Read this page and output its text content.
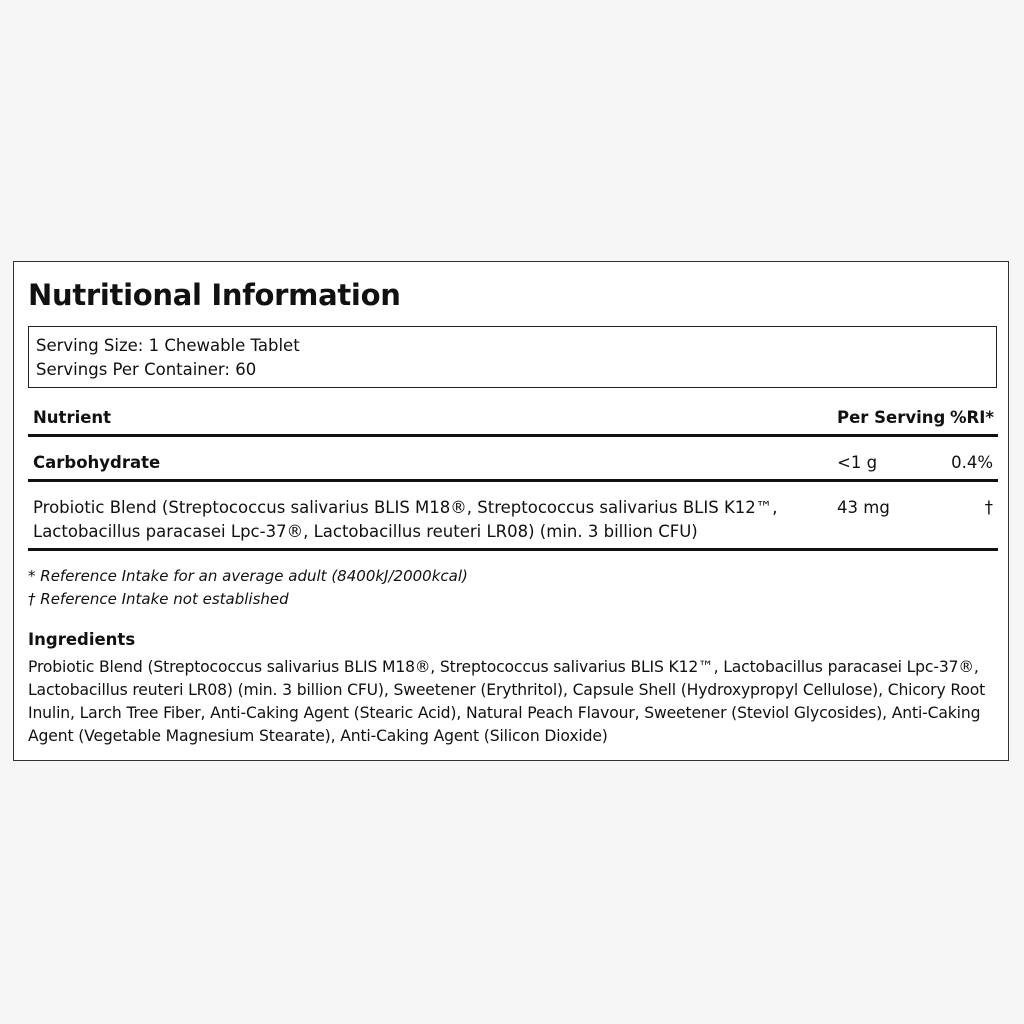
Nutritional Information
Serving Size: 1 Chewable Tablet
Servings Per Container: 60
Nutrient	Per Serving %RI*
Carbohydrate	<1 g	0.4%
Probiotic Blend (Streptococcus salivarius BLIS M18®, Streptococcus salivarius BLIS K12™,
Lactobacillus paracasei Lpc-37®, Lactobacillus reuteri LR08) (min. 3 billion CFU)
43 mg	†
* Reference Intake for an average adult (8400kJ/2000kcal)
† Reference Intake not established
Ingredients
Probiotic Blend (Streptococcus salivarius BLIS M18®, Streptococcus salivarius BLIS K12™, Lactobacillus paracasei Lpc-37®,
Lactobacillus reuteri LR08) (min. 3 billion CFU), Sweetener (Erythritol), Capsule Shell (Hydroxypropyl Cellulose), Chicory Root
Inulin, Larch Tree Fiber, Anti-Caking Agent (Stearic Acid), Natural Peach Flavour, Sweetener (Steviol Glycosides), Anti-Caking
Agent (Vegetable Magnesium Stearate), Anti-Caking Agent (Silicon Dioxide)
